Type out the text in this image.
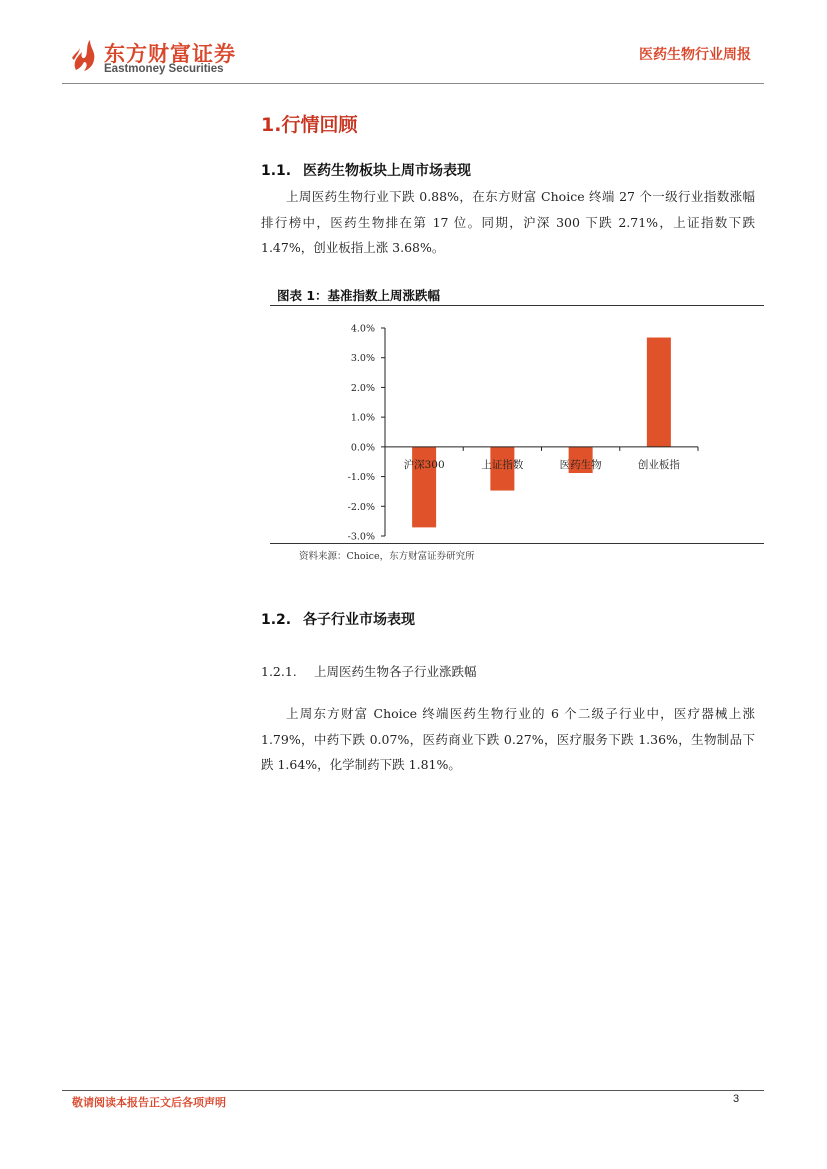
东方财富证券
Eastmoney Securities
医药生物行业周报
1.行情回顾
1.1. 医药生物板块上周市场表现
上周医药生物行业下跌 0.88%，在东方财富 Choice 终端 27 个一级行业指数涨幅排行榜中，医药生物排在第 17 位。同期，沪深 300 下跌 2.71%，上证指数下跌 1.47%，创业板指上涨 3.68%。
图表 1：基准指数上周涨跌幅
4.0%
3.0%
2.0%
1.0%
0.0%
-1.0%
-2.0%
-3.0%
沪深300	上证指数	医药生物	创业板指
资料来源：Choice，东方财富证券研究所
1.2. 各子行业市场表现
1.2.1. 上周医药生物各子行业涨跌幅
上周东方财富 Choice 终端医药生物行业的 6 个二级子行业中，医疗器械上涨 1.79%，中药下跌 0.07%，医药商业下跌 0.27%，医疗服务下跌 1.36%，生物制品下跌 1.64%，化学制药下跌 1.81%。
敬请阅读本报告正文后各项声明	3
